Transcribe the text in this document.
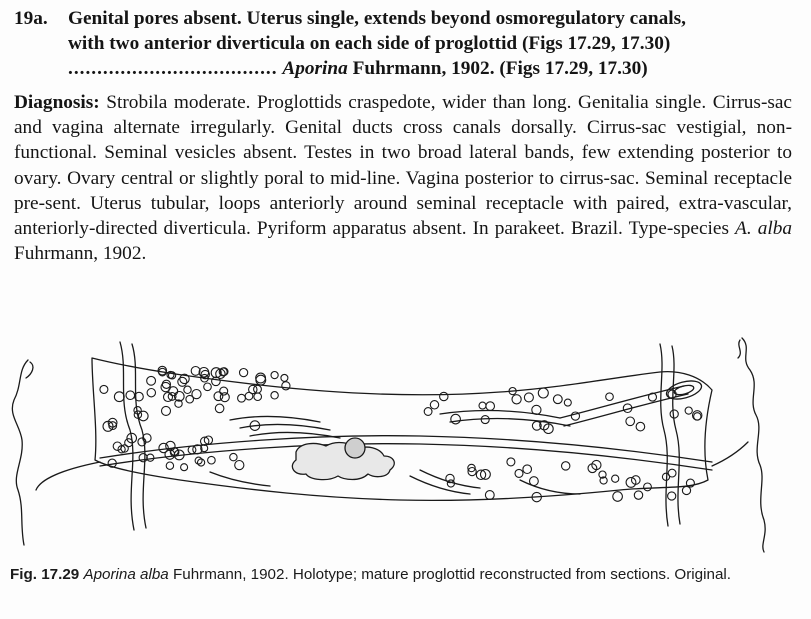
19a. Genital pores absent. Uterus single, extends beyond osmoregulatory canals,
with two anterior diverticula on each side of proglottid (Figs 17.29, 17.30)
.................................... Aporina Fuhrmann, 1902. (Figs 17.29, 17.30)
Diagnosis: Strobila moderate. Proglottids craspedote, wider than long. Genitalia single. Cirrus-sac and vagina alternate irregularly. Genital ducts cross canals dorsally. Cirrus-sac vestigial, non-functional. Seminal vesicles absent. Testes in two broad lateral bands, few extending posterior to ovary. Ovary central or slightly poral to mid-line. Vagina posterior to cirrus-sac. Seminal receptacle pre-sent. Uterus tubular, loops anteriorly around seminal receptacle with paired, extra-vascular, anteriorly-directed diverticula. Pyriform apparatus absent. In parakeet. Brazil. Type-species A. alba Fuhrmann, 1902.
Fig. 17.29 Aporina alba Fuhrmann, 1902. Holotype; mature proglottid reconstructed from sections. Original.
